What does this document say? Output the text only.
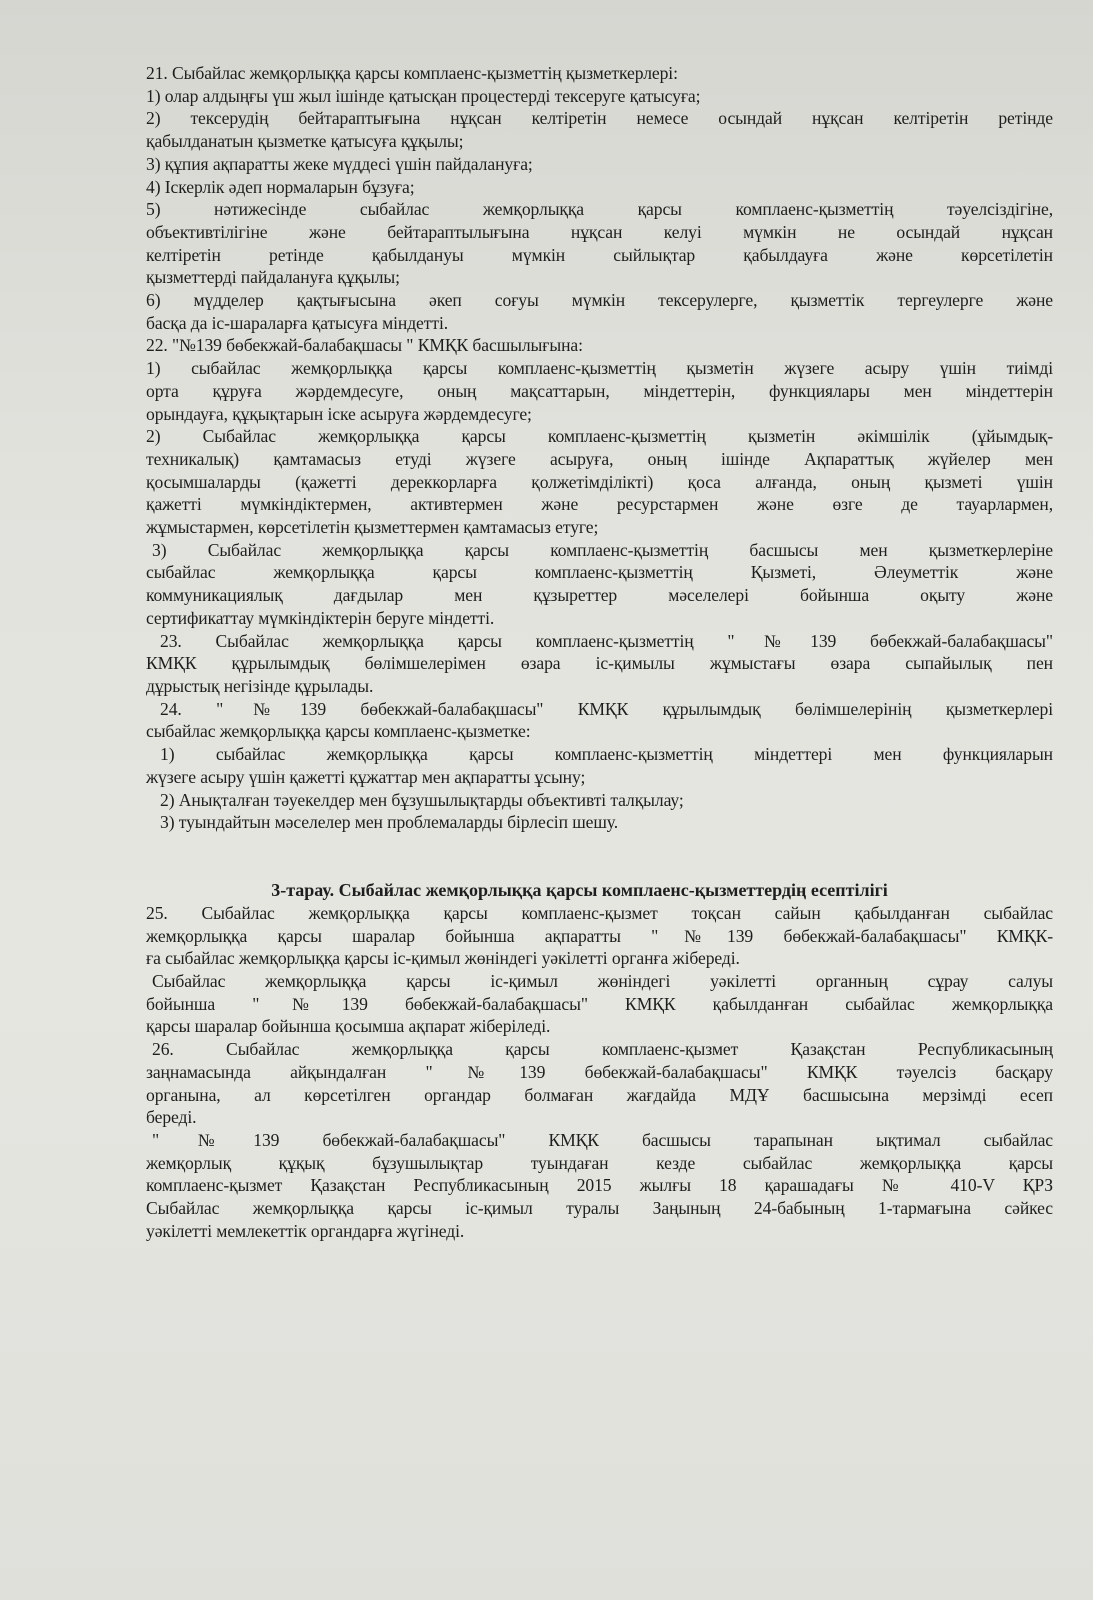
21. Сыбайлас жемқорлыққа қарсы комплаенс-қызметтің қызметкерлері:
1) олар алдыңғы үш жыл ішінде қатысқан процестерді тексеруге қатысуға;
2) тексерудің бейтараптығына нұқсан келтіретін немесе осындай нұқсан келтіретін ретінде
қабылданатын қызметке қатысуға құқылы;
3) құпия ақпаратты жеке мүддесі үшін пайдалануға;
4) Іскерлік әдеп нормаларын бұзуға;
5) нәтижесінде сыбайлас жемқорлыққа қарсы комплаенс-қызметтің тәуелсіздігіне,
объективтілігіне және бейтараптылығына нұқсан келуі мүмкін не осындай нұқсан
келтіретін ретінде қабылдануы мүмкін сыйлықтар қабылдауға және көрсетілетін
қызметтерді пайдалануға құқылы;
6) мүдделер қақтығысына әкеп соғуы мүмкін тексерулерге, қызметтік тергеулерге және
басқа да іс-шараларға қатысуға міндетті.
22. "№139 бөбекжай-балабақшасы " КМҚК басшылығына:
1) сыбайлас жемқорлыққа қарсы комплаенс-қызметтің қызметін жүзеге асыру үшін тиімді
орта құруға жәрдемдесуге, оның мақсаттарын, міндеттерін, функциялары мен міндеттерін
орындауға, құқықтарын іске асыруға жәрдемдесуге;
2) Сыбайлас жемқорлыққа қарсы комплаенс-қызметтің қызметін әкімшілік (ұйымдық-
техникалық) қамтамасыз етуді жүзеге асыруға, оның ішінде Ақпараттық жүйелер мен
қосымшаларды (қажетті дереккорларға қолжетімділікті) қоса алғанда, оның қызметі үшін
қажетті мүмкіндіктермен, активтермен және ресурстармен және өзге де тауарлармен,
жұмыстармен, көрсетілетін қызметтермен қамтамасыз етуге;
3) Сыбайлас жемқорлыққа қарсы комплаенс-қызметтің басшысы мен қызметкерлеріне
сыбайлас жемқорлыққа қарсы комплаенс-қызметтің Қызметі, Әлеуметтік және
коммуникациялық дағдылар мен құзыреттер мәселелері бойынша оқыту және
сертификаттау мүмкіндіктерін беруге міндетті.
23. Сыбайлас жемқорлыққа қарсы комплаенс-қызметтің "№139 бөбекжай-балабақшасы"
КМҚК құрылымдық бөлімшелерімен өзара іс-қимылы жұмыстағы өзара сыпайылық пен
дұрыстық негізінде құрылады.
24. "№139 бөбекжай-балабақшасы" КМҚК құрылымдық бөлімшелерінің қызметкерлері
сыбайлас жемқорлыққа қарсы комплаенс-қызметке:
1) сыбайлас жемқорлыққа қарсы комплаенс-қызметтің міндеттері мен функцияларын
жүзеге асыру үшін қажетті құжаттар мен ақпаратты ұсыну;
2) Анықталған тәуекелдер мен бұзушылықтарды объективті талқылау;
3) туындайтын мәселелер мен проблемаларды бірлесіп шешу.
3-тарау. Сыбайлас жемқорлыққа қарсы комплаенс-қызметтердің есептілігі
25. Сыбайлас жемқорлыққа қарсы комплаенс-қызмет тоқсан сайын қабылданған сыбайлас
жемқорлыққа қарсы шаралар бойынша ақпаратты "№139 бөбекжай-балабақшасы" КМҚК-
ға сыбайлас жемқорлыққа қарсы іс-қимыл жөніндегі уәкілетті органға жібереді.
Сыбайлас жемқорлыққа қарсы іс-қимыл жөніндегі уәкілетті органның сұрау салуы
бойынша "№139 бөбекжай-балабақшасы" КМҚК қабылданған сыбайлас жемқорлыққа
қарсы шаралар бойынша қосымша ақпарат жіберіледі.
26. Сыбайлас жемқорлыққа қарсы комплаенс-қызмет Қазақстан Республикасының
заңнамасында айқындалған "№139 бөбекжай-балабақшасы" КМҚК тәуелсіз басқару
органына, ал көрсетілген органдар болмаған жағдайда МДҰ басшысына мерзімді есеп
береді.
"№139 бөбекжай-балабақшасы" КМҚК басшысы тарапынан ықтимал сыбайлас
жемқорлық құқық бұзушылықтар туындаған кезде сыбайлас жемқорлыққа қарсы
комплаенс-қызмет Қазақстан Республикасының 2015 жылғы 18 қарашадағы № 410-V ҚРЗ
Сыбайлас жемқорлыққа қарсы іс-қимыл туралы Заңының 24-бабының 1-тармағына сәйкес
уәкілетті мемлекеттік органдарға жүгінеді.
